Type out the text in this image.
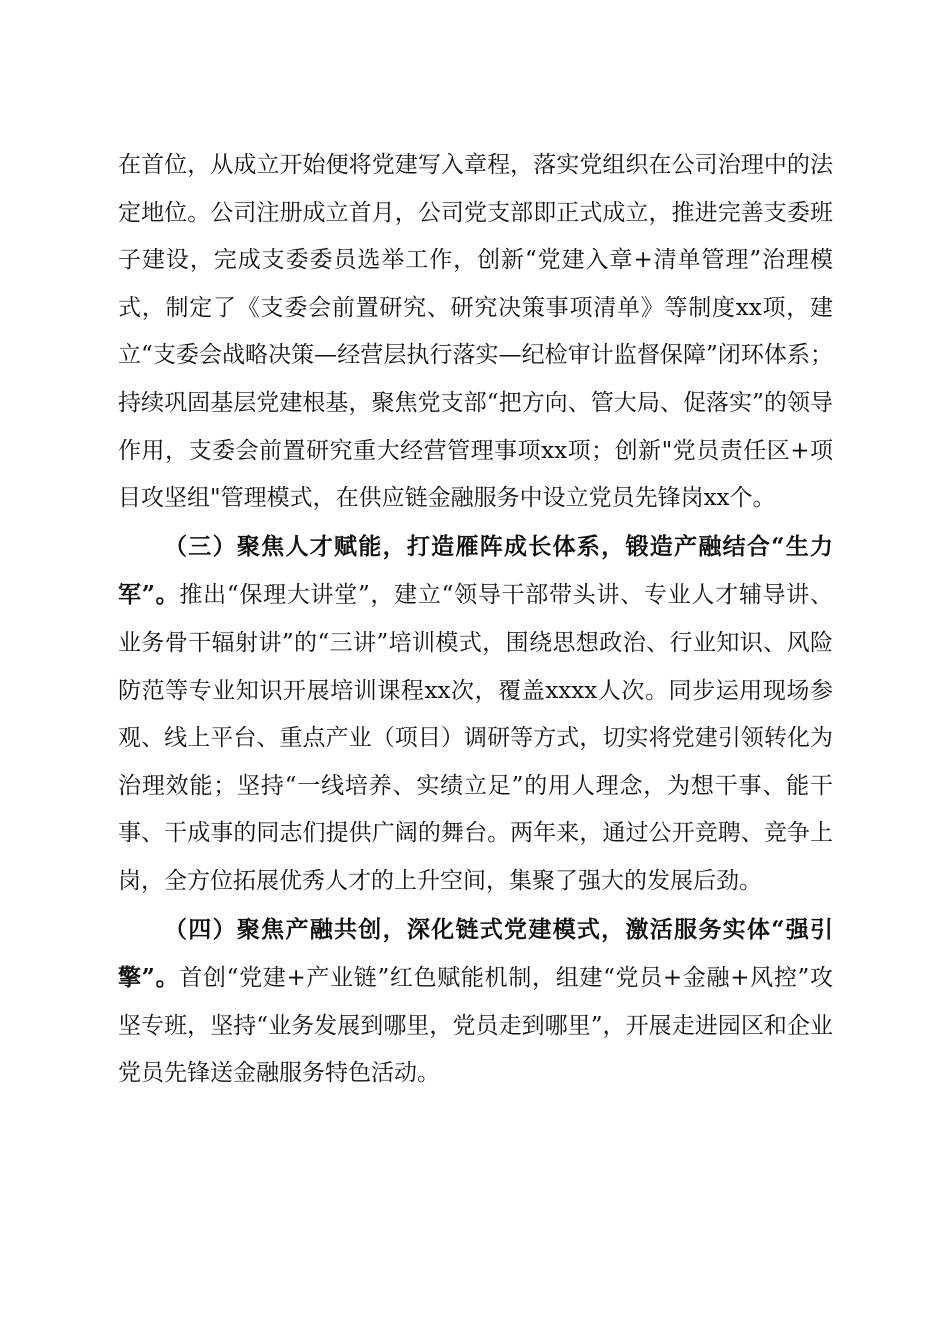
在首位，从成立开始便将党建写入章程，落实党组织在公司治理中的法定地位。公司注册成立首月，公司党支部即正式成立，推进完善支委班子建设，完成支委委员选举工作，创新“党建入章+清单管理”治理模式，制定了《支委会前置研究、研究决策事项清单》等制度xx项，建立“支委会战略决策—经营层执行落实—纪检审计监督保障”闭环体系；持续巩固基层党建根基，聚焦党支部“把方向、管大局、促落实”的领导作用，支委会前置研究重大经营管理事项xx项；创新"党员责任区+项目攻坚组"管理模式，在供应链金融服务中设立党员先锋岗xx个。

（三）聚焦人才赋能，打造雁阵成长体系，锻造产融结合“生力军”。推出“保理大讲堂”，建立“领导干部带头讲、专业人才辅导讲、业务骨干辐射讲”的“三讲”培训模式，围绕思想政治、行业知识、风险防范等专业知识开展培训课程xx次，覆盖xxxx人次。同步运用现场参观、线上平台、重点产业（项目）调研等方式，切实将党建引领转化为治理效能；坚持“一线培养、实绩立足”的用人理念，为想干事、能干事、干成事的同志们提供广阔的舞台。两年来，通过公开竞聘、竞争上岗，全方位拓展优秀人才的上升空间，集聚了强大的发展后劲。

（四）聚焦产融共创，深化链式党建模式，激活服务实体“强引擎”。首创“党建+产业链”红色赋能机制，组建“党员+金融+风控”攻坚专班，坚持“业务发展到哪里，党员走到哪里”，开展走进园区和企业党员先锋送金融服务特色活动。
